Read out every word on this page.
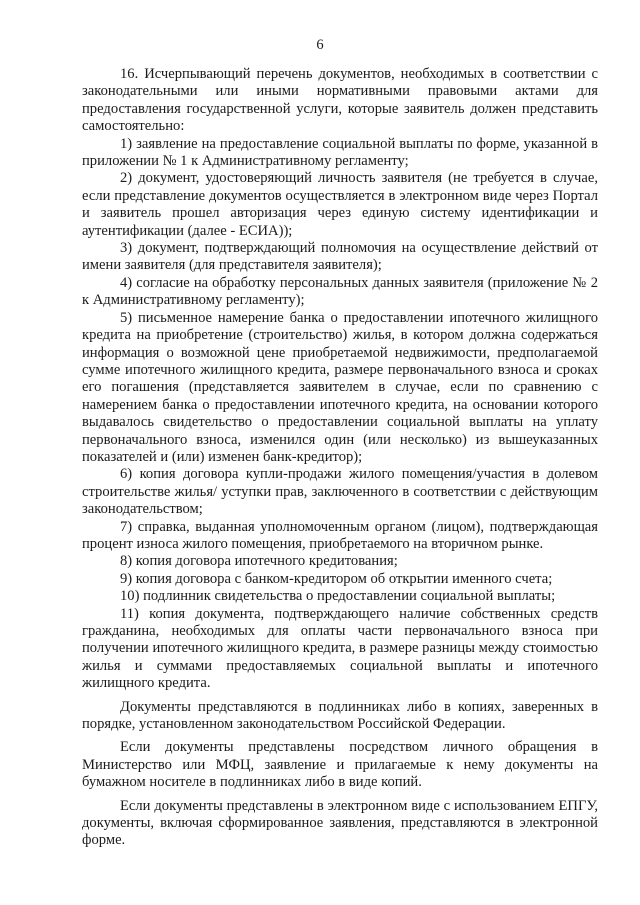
6

16. Исчерпывающий перечень документов, необходимых в соответствии с законодательными или иными нормативными правовыми актами для предоставления государственной услуги, которые заявитель должен представить самостоятельно:

1) заявление на предоставление социальной выплаты по форме, указанной в приложении № 1 к Административному регламенту;

2) документ, удостоверяющий личность заявителя (не требуется в случае, если представление документов осуществляется в электронном виде через Портал и заявитель прошел авторизация через единую систему идентификации и аутентификации (далее - ЕСИА));

3) документ, подтверждающий полномочия на осуществление действий от имени заявителя (для представителя заявителя);

4) согласие на обработку персональных данных заявителя (приложение № 2 к Административному регламенту);

5) письменное намерение банка о предоставлении ипотечного жилищного кредита на приобретение (строительство) жилья, в котором должна содержаться информация о возможной цене приобретаемой недвижимости, предполагаемой сумме ипотечного жилищного кредита, размере первоначального взноса и сроках его погашения (представляется заявителем в случае, если по сравнению с намерением банка о предоставлении ипотечного кредита, на основании которого выдавалось свидетельство о предоставлении социальной выплаты на уплату первоначального взноса, изменился один (или несколько) из вышеуказанных показателей и (или) изменен банк-кредитор);

6) копия договора купли-продажи жилого помещения/участия в долевом строительстве жилья/ уступки прав, заключенного в соответствии с действующим законодательством;

7) справка, выданная уполномоченным органом (лицом), подтверждающая процент износа жилого помещения, приобретаемого на вторичном рынке.

8) копия договора ипотечного кредитования;

9) копия договора с банком-кредитором об открытии именного счета;

10) подлинник свидетельства о предоставлении социальной выплаты;

11) копия документа, подтверждающего наличие собственных средств гражданина, необходимых для оплаты части первоначального взноса при получении ипотечного жилищного кредита, в размере разницы между стоимостью жилья и суммами предоставляемых социальной выплаты и ипотечного жилищного кредита.

Документы представляются в подлинниках либо в копиях, заверенных в порядке, установленном законодательством Российской Федерации.

Если документы представлены посредством личного обращения в Министерство или МФЦ, заявление и прилагаемые к нему документы на бумажном носителе в подлинниках либо в виде копий.

Если документы представлены в электронном виде с использованием ЕПГУ, документы, включая сформированное заявления, представляются в электронной форме.
